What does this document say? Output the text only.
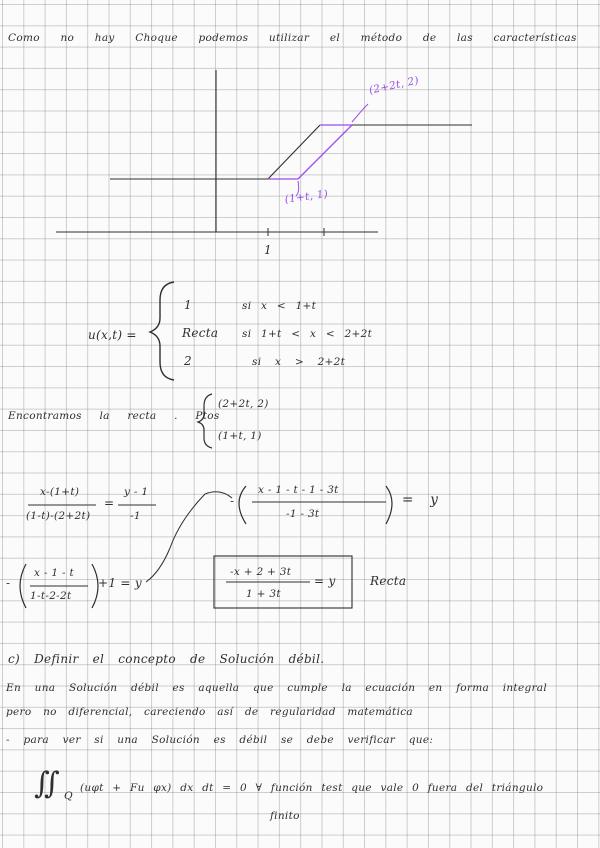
Como no hay Choque podemos utilizar el método de las características
(2+2t, 2)
(1+t, 1)
1
u(x,t) =
1	si x < 1+t
Recta si 1+t < x < 2+2t
2	si x > 2+2t
Encontramos la recta . Ptos
(2+2t, 2)
(1+t, 1)
x-(1+t)
(1-t)-(2+2t)
=
y - 1
-1
-
x - 1 - t - 1 - 3t
-1 - 3t
= y
-
x - 1 - t
1-t-2-2t
+1 = y
-x + 2 + 3t
1 + 3t
= y	Recta
c) Definir el concepto de Solución débil.
En una Solución débil es aquella que cumple la ecuación en forma integral
pero no diferencial, careciendo así de regularidad matemática
- para ver si una Solución es débil se debe verificar que:
∬ Q
(uφt + Fu φx) dx dt = 0 ∀ función test que vale 0 fuera del triángulo
finito
